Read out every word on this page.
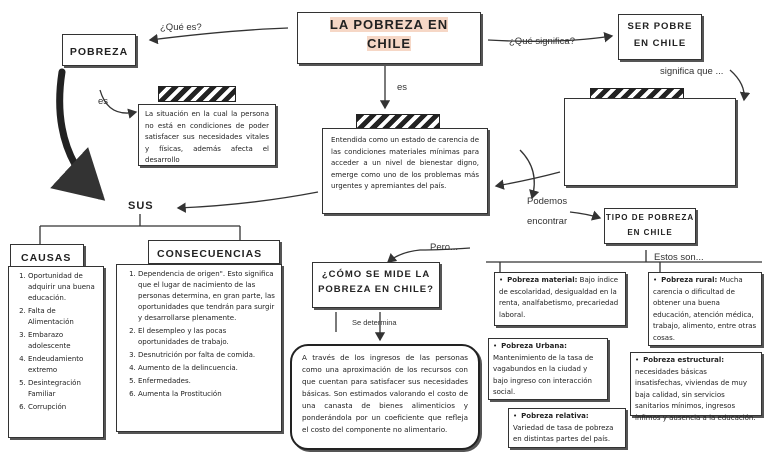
LA POBREZA EN
CHILE
¿Qué es?
¿Qué significa?
es
es
significa que ...
Podemos
encontrar
Pero...
Estos son...
Se determina
POBREZA
SER POBRE
EN CHILE
La situación en la cual la persona no está en condiciones de poder satisfacer sus necesidades vitales y físicas, además afecta el desarrollo
Entendida como un estado de carencia de las condiciones materiales mínimas para acceder a un nivel de bienestar digno, emerge como uno de los problemas más urgentes y apremiantes del país.
SUS
CAUSAS	CONSECUENCIAS
1. Oportunidad de adquirir una buena educación.
2. Falta de Alimentación
3. Embarazo adolescente
4. Endeudamiento extremo
5. Desintegración Familiar
6. Corrupción
1. Dependencia de origen". Esto significa que el lugar de nacimiento de las personas determina, en gran parte, las oportunidades que tendrán para surgir y desarrollarse plenamente.
2. El desempleo y las pocas oportunidades de trabajo.
3. Desnutrición por falta de comida.
4. Aumento de la delincuencia.
5. Enfermedades.
6. Aumenta la Prostitución
¿CÓMO SE MIDE LA
POBREZA EN CHILE?
A través de los ingresos de las personas como una aproximación de los recursos con que cuentan para satisfacer sus necesidades básicas. Son estimados valorando el costo de una canasta de bienes alimenticios y ponderándola por un coeficiente que refleja el costo del componente no alimentario.
TIPO DE POBREZA
EN CHILE
• Pobreza material: Bajo índice de escolaridad, desigualdad en la renta, analfabetismo, precariedad laboral.
• Pobreza rural: Mucha carencia o dificultad de obtener una buena educación, atención médica, trabajo, alimento, entre otras cosas.
• Pobreza Urbana: Mantenimiento de la tasa de vagabundos en la ciudad y bajo ingreso con interacción social.
• Pobreza estructural: necesidades básicas insatisfechas, viviendas de muy baja calidad, sin servicios sanitarios mínimos, ingresos ínfimos y ausencia a la educación.
• Pobreza relativa: Variedad de tasa de pobreza en distintas partes del país.
